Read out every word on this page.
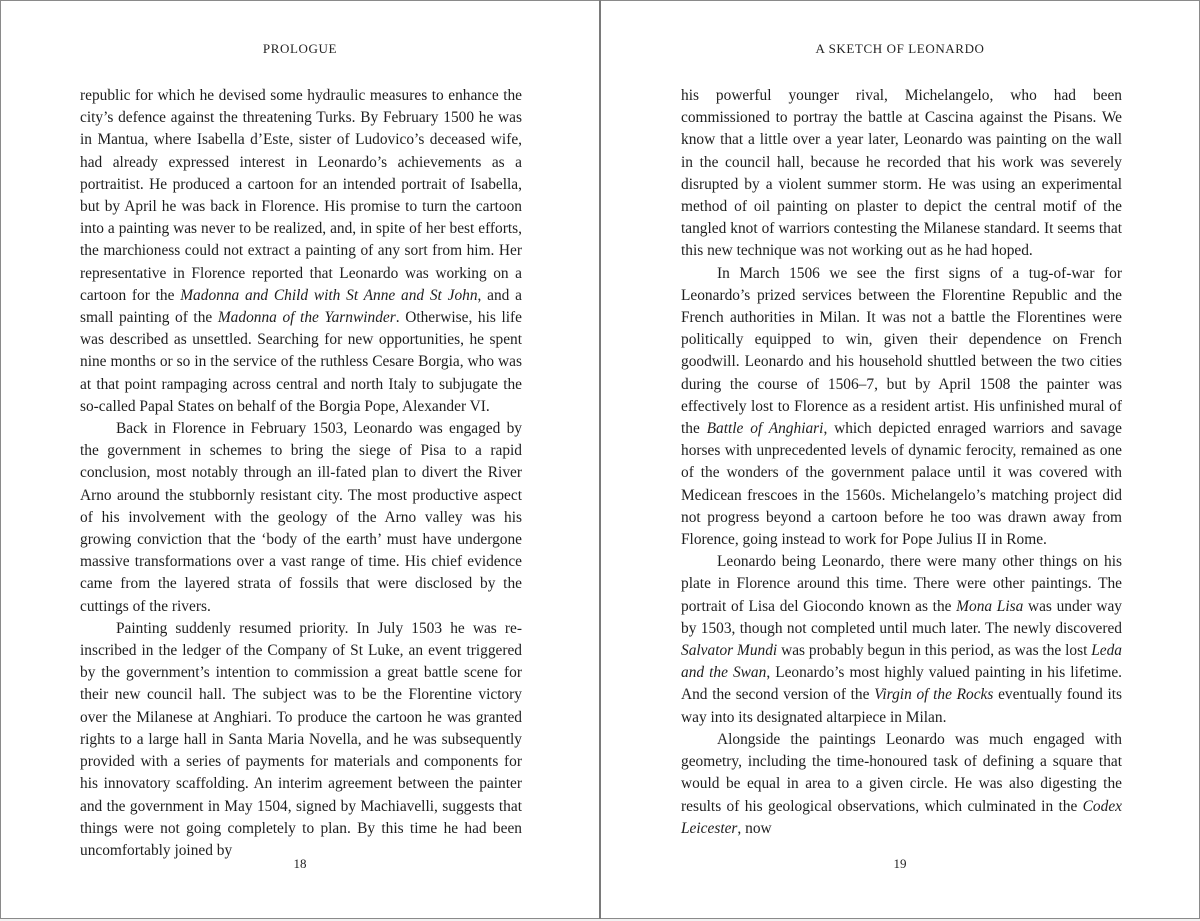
PROLOGUE

republic for which he devised some hydraulic measures to enhance the city’s defence against the threatening Turks. By February 1500 he was in Mantua, where Isabella d’Este, sister of Ludovico’s deceased wife, had already expressed interest in Leonardo’s achievements as a portraitist. He produced a cartoon for an intended portrait of Isabella, but by April he was back in Florence. His promise to turn the cartoon into a painting was never to be realized, and, in spite of her best efforts, the marchioness could not extract a painting of any sort from him. Her representative in Florence reported that Leonardo was working on a cartoon for the Madonna and Child with St Anne and St John, and a small painting of the Madonna of the Yarnwinder. Otherwise, his life was described as unsettled. Searching for new opportunities, he spent nine months or so in the service of the ruthless Cesare Borgia, who was at that point rampaging across central and north Italy to subjugate the so-called Papal States on behalf of the Borgia Pope, Alexander VI.

Back in Florence in February 1503, Leonardo was engaged by the government in schemes to bring the siege of Pisa to a rapid conclusion, most notably through an ill-fated plan to divert the River Arno around the stubbornly resistant city. The most productive aspect of his involvement with the geology of the Arno valley was his growing conviction that the ‘body of the earth’ must have undergone massive transformations over a vast range of time. His chief evidence came from the layered strata of fossils that were disclosed by the cuttings of the rivers.

Painting suddenly resumed priority. In July 1503 he was re-inscribed in the ledger of the Company of St Luke, an event triggered by the government’s intention to commission a great battle scene for their new council hall. The subject was to be the Florentine victory over the Milanese at Anghiari. To produce the cartoon he was granted rights to a large hall in Santa Maria Novella, and he was subsequently provided with a series of payments for materials and components for his innovatory scaffolding. An interim agreement between the painter and the government in May 1504, signed by Machiavelli, suggests that things were not going completely to plan. By this time he had been uncomfortably joined by

18
A SKETCH OF LEONARDO

his powerful younger rival, Michelangelo, who had been commissioned to portray the battle at Cascina against the Pisans. We know that a little over a year later, Leonardo was painting on the wall in the council hall, because he recorded that his work was severely disrupted by a violent summer storm. He was using an experimental method of oil painting on plaster to depict the central motif of the tangled knot of warriors contesting the Milanese standard. It seems that this new technique was not working out as he had hoped.

In March 1506 we see the first signs of a tug-of-war for Leonardo’s prized services between the Florentine Republic and the French authorities in Milan. It was not a battle the Florentines were politically equipped to win, given their dependence on French goodwill. Leonardo and his household shuttled between the two cities during the course of 1506–7, but by April 1508 the painter was effectively lost to Florence as a resident artist. His unfinished mural of the Battle of Anghiari, which depicted enraged warriors and savage horses with unprecedented levels of dynamic ferocity, remained as one of the wonders of the government palace until it was covered with Medicean frescoes in the 1560s. Michelangelo’s matching project did not progress beyond a cartoon before he too was drawn away from Florence, going instead to work for Pope Julius II in Rome.

Leonardo being Leonardo, there were many other things on his plate in Florence around this time. There were other paintings. The portrait of Lisa del Giocondo known as the Mona Lisa was under way by 1503, though not completed until much later. The newly discovered Salvator Mundi was probably begun in this period, as was the lost Leda and the Swan, Leonardo’s most highly valued painting in his lifetime. And the second version of the Virgin of the Rocks eventually found its way into its designated altarpiece in Milan.

Alongside the paintings Leonardo was much engaged with geometry, including the time-honoured task of defining a square that would be equal in area to a given circle. He was also digesting the results of his geological observations, which culminated in the Codex Leicester, now

19
